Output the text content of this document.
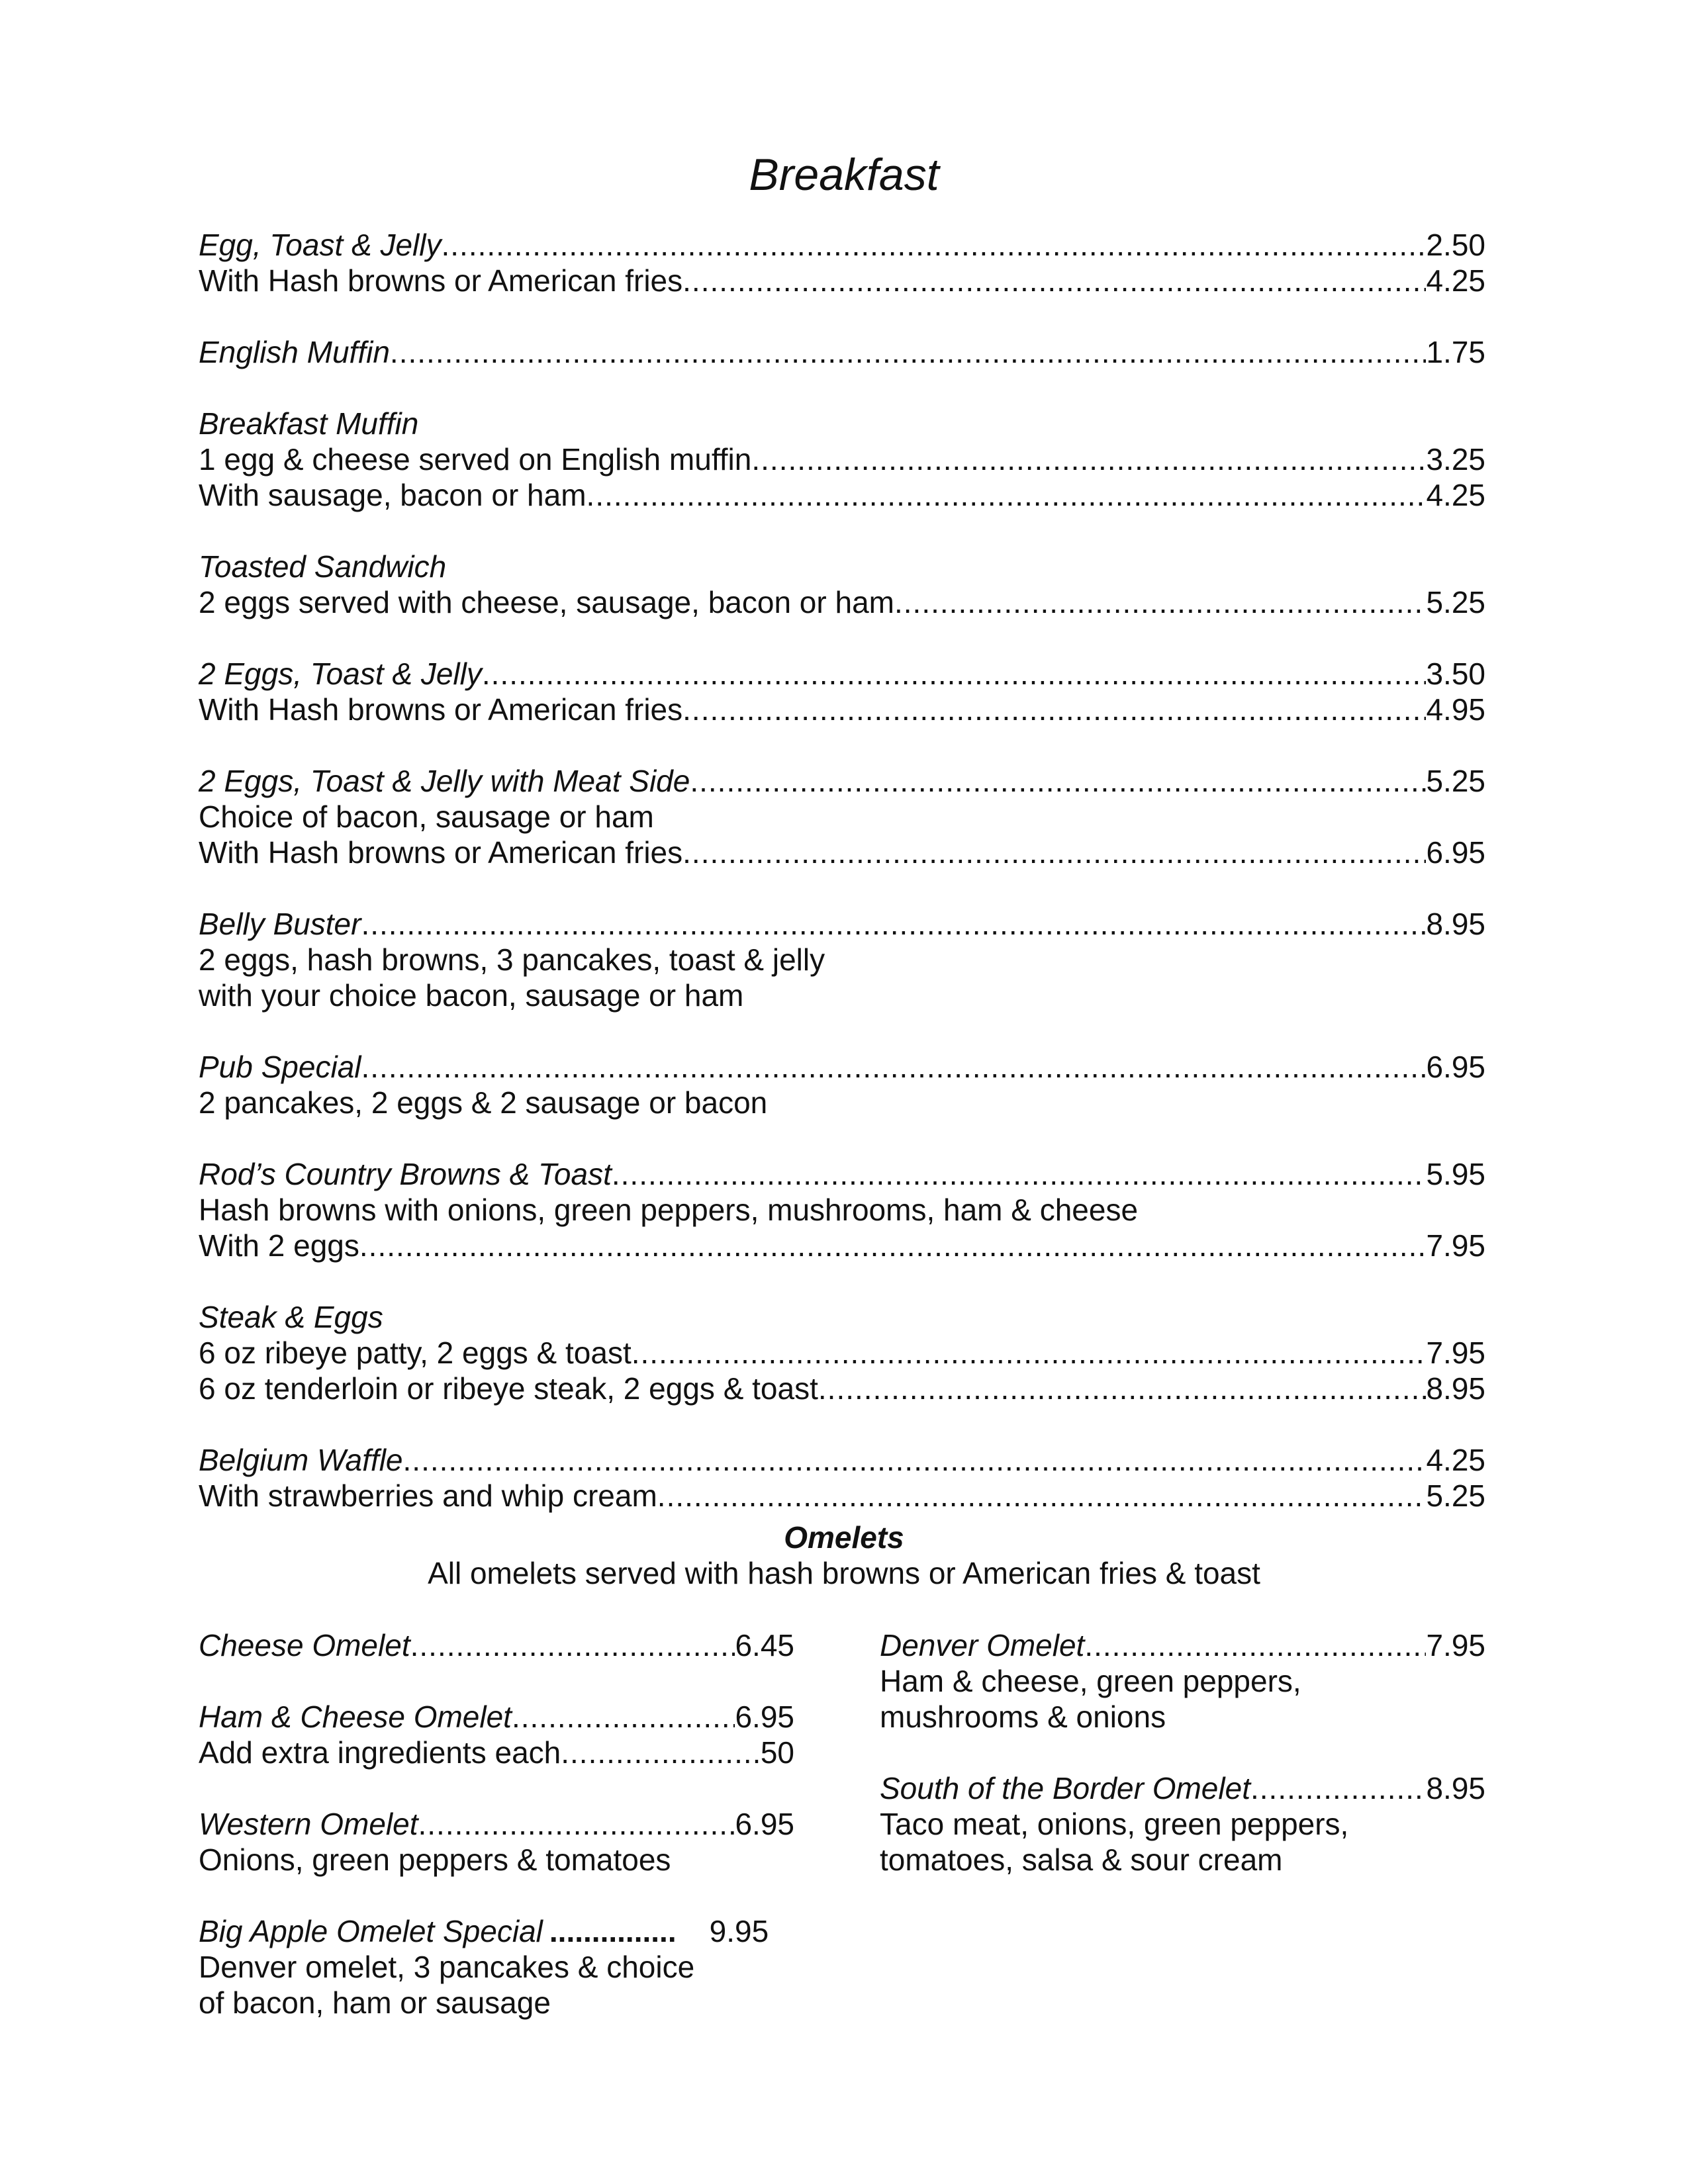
Breakfast
Egg, Toast & Jelly .....	2.50
With Hash browns or American fries .....	4.25
English Muffin .....	1.75
Breakfast Muffin
1 egg & cheese served on English muffin .....	3.25
With sausage, bacon or ham .....	4.25
Toasted Sandwich
2 eggs served with cheese, sausage, bacon or ham .....	5.25
2 Eggs, Toast & Jelly .....	3.50
With Hash browns or American fries .....	4.95
2 Eggs, Toast & Jelly with Meat Side .....	5.25
Choice of bacon, sausage or ham
With Hash browns or American fries .....	6.95
Belly Buster .....	8.95
2 eggs, hash browns, 3 pancakes, toast & jelly
with your choice bacon, sausage or ham
Pub Special .....	6.95
2 pancakes, 2 eggs & 2 sausage or bacon
Rod’s Country Browns & Toast .....	5.95
Hash browns with onions, green peppers, mushrooms, ham & cheese
With 2 eggs .....	7.95
Steak & Eggs
6 oz ribeye patty, 2 eggs & toast .....	7.95
6 oz tenderloin or ribeye steak, 2 eggs & toast .....	8.95
Belgium Waffle .....	4.25
With strawberries and whip cream .....	5.25
Omelets
All omelets served with hash browns or American fries & toast
Cheese Omelet .....	6.45
Ham & Cheese Omelet .....	6.95
Add extra ingredients each .....	50
Western Omelet .....	6.95
Onions, green peppers & tomatoes
Big Apple Omelet Special .....	9.95
Denver omelet, 3 pancakes & choice
of bacon, ham or sausage
Denver Omelet .....	7.95
Ham & cheese, green peppers,
mushrooms & onions
South of the Border Omelet .....	8.95
Taco meat, onions, green peppers,
tomatoes, salsa & sour cream
